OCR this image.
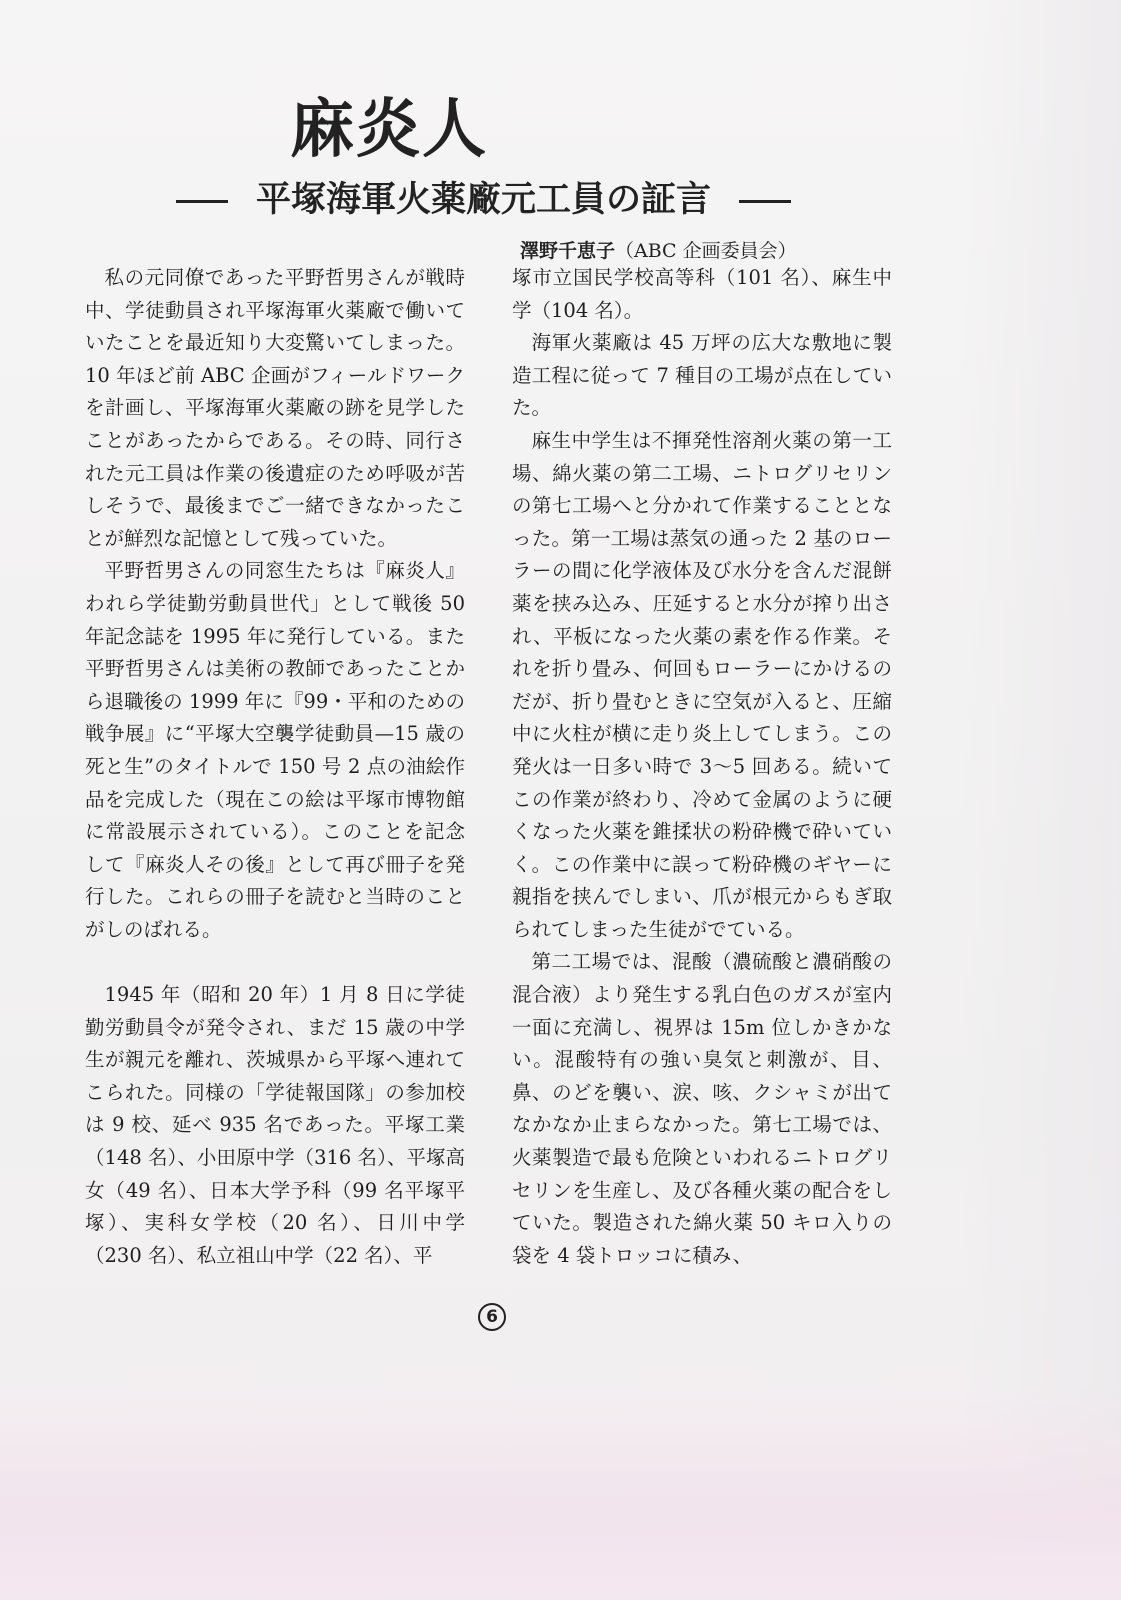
麻炎人
平塚海軍火薬廠元工員の証言
澤野千恵子（ABC 企画委員会）

私の元同僚であった平野哲男さんが戦時中、学徒動員され平塚海軍火薬廠で働いていたことを最近知り大変驚いてしまった。10 年ほど前 ABC 企画がフィールドワークを計画し、平塚海軍火薬廠の跡を見学したことがあったからである。その時、同行された元工員は作業の後遺症のため呼吸が苦しそうで、最後までご一緒できなかったことが鮮烈な記憶として残っていた。

平野哲男さんの同窓生たちは『麻炎人』われら学徒勤労動員世代」として戦後 50 年記念誌を 1995 年に発行している。また平野哲男さんは美術の教師であったことから退職後の 1999 年に『99・平和のための戦争展』に“平塚大空襲学徒動員—15 歳の死と生”のタイトルで 150 号 2 点の油絵作品を完成した（現在この絵は平塚市博物館に常設展示されている）。このことを記念して『麻炎人その後』として再び冊子を発行した。これらの冊子を読むと当時のことがしのばれる。

1945 年（昭和 20 年）1 月 8 日に学徒勤労動員令が発令され、まだ 15 歳の中学生が親元を離れ、茨城県から平塚へ連れてこられた。同様の「学徒報国隊」の参加校は 9 校、延べ 935 名であった。平塚工業（148 名）、小田原中学（316 名）、平塚高女（49 名）、日本大学予科（99 名平塚平塚）、実科女学校（20 名）、日川中学（230 名）、私立祖山中学（22 名）、平

塚市立国民学校高等科（101 名）、麻生中学（104 名）。

海軍火薬廠は 45 万坪の広大な敷地に製造工程に従って 7 種目の工場が点在していた。

麻生中学生は不揮発性溶剤火薬の第一工場、綿火薬の第二工場、ニトログリセリンの第七工場へと分かれて作業することとなった。第一工場は蒸気の通った 2 基のローラーの間に化学液体及び水分を含んだ混餅薬を挟み込み、圧延すると水分が搾り出され、平板になった火薬の素を作る作業。それを折り畳み、何回もローラーにかけるのだが、折り畳むときに空気が入ると、圧縮中に火柱が横に走り炎上してしまう。この発火は一日多い時で 3〜5 回ある。続いてこの作業が終わり、冷めて金属のように硬くなった火薬を錐揉状の粉砕機で砕いていく。この作業中に誤って粉砕機のギヤーに親指を挟んでしまい、爪が根元からもぎ取られてしまった生徒がでている。

第二工場では、混酸（濃硫酸と濃硝酸の混合液）より発生する乳白色のガスが室内一面に充満し、視界は 15m 位しかきかない。混酸特有の強い臭気と刺激が、目、鼻、のどを襲い、涙、咳、クシャミが出てなかなか止まらなかった。第七工場では、火薬製造で最も危険といわれるニトログリセリンを生産し、及び各種火薬の配合をしていた。製造された綿火薬 50 キロ入りの袋を 4 袋トロッコに積み、

6
